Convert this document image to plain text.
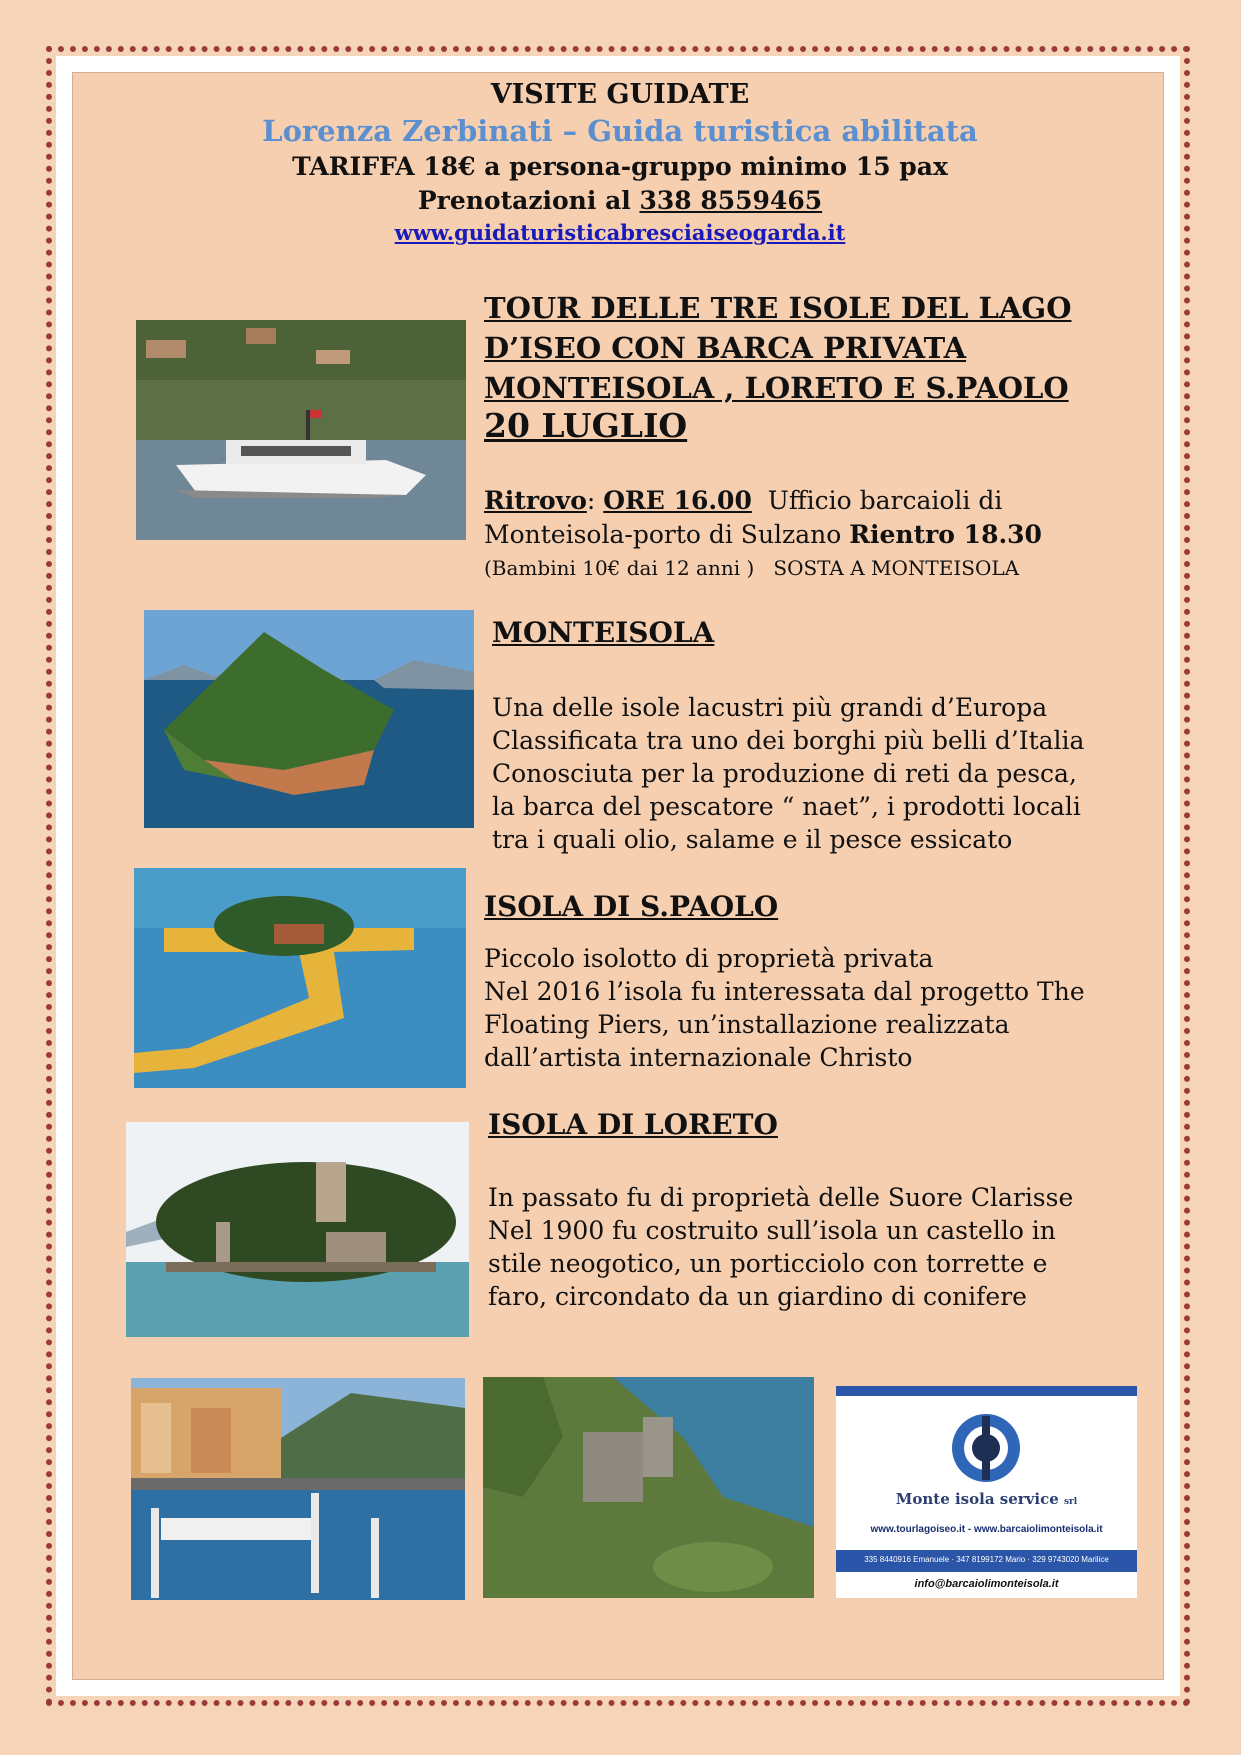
VISITE GUIDATE
Lorenza Zerbinati – Guida turistica abilitata
TARIFFA 18€ a persona-gruppo minimo 15 pax
Prenotazioni al 338 8559465
www.guidaturisticabresciaiseogarda.it
TOUR DELLE TRE ISOLE DEL LAGO
D’ISEO CON BARCA PRIVATA
MONTEISOLA , LORETO E S.PAOLO
20 LUGLIO
Ritrovo: ORE 16.00 Ufficio barcaioli di
Monteisola-porto di Sulzano Rientro 18.30
(Bambini 10€ dai 12 anni ) SOSTA A MONTEISOLA
MONTEISOLA
Una delle isole lacustri più grandi d’Europa
Classificata tra uno dei borghi più belli d’Italia
Conosciuta per la produzione di reti da pesca,
la barca del pescatore “ naet”, i prodotti locali
tra i quali olio, salame e il pesce essicato
ISOLA DI S.PAOLO
Piccolo isolotto di proprietà privata
Nel 2016 l’isola fu interessata dal progetto The
Floating Piers, un’installazione realizzata
dall’artista internazionale Christo
ISOLA DI LORETO
In passato fu di proprietà delle Suore Clarisse
Nel 1900 fu costruito sull’isola un castello in
stile neogotico, un porticciolo con torrette e
faro, circondato da un giardino di conifere
Monte isola service srl
www.tourlagoiseo.it - www.barcaiolimonteisola.it
335 8440916 Emanuele · 347 8199172 Mario · 329 9743020 Marilice
info@barcaiolimonteisola.it
